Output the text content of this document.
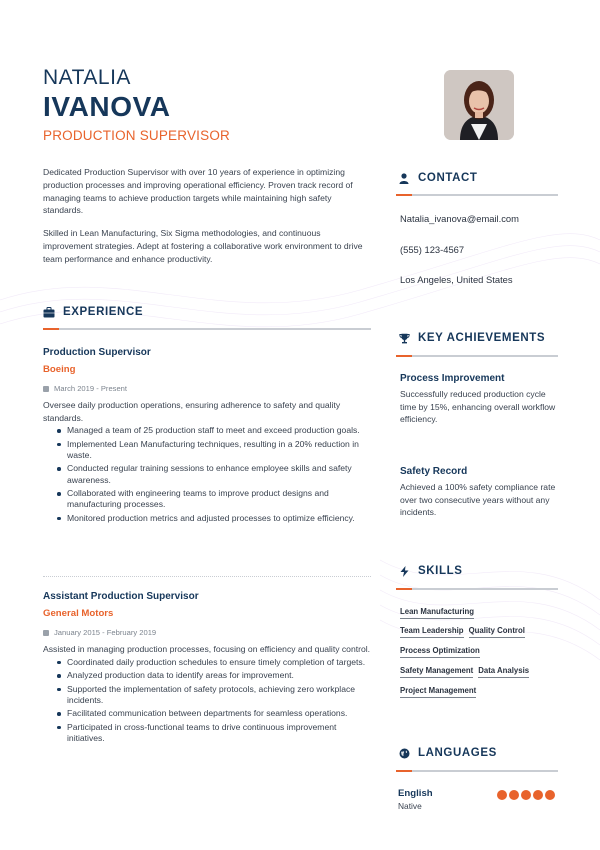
NATALIA
IVANOVA
PRODUCTION SUPERVISOR

Dedicated Production Supervisor with over 10 years of experience in optimizing production processes and improving operational efficiency. Proven track record of managing teams to achieve production targets while maintaining high safety standards.

Skilled in Lean Manufacturing, Six Sigma methodologies, and continuous improvement strategies. Adept at fostering a collaborative work environment to drive team performance and enhance productivity.

EXPERIENCE
Production Supervisor
Boeing
March 2019 - Present
Oversee daily production operations, ensuring adherence to safety and quality standards.
Managed a team of 25 production staff to meet and exceed production goals.
Implemented Lean Manufacturing techniques, resulting in a 20% reduction in waste.
Conducted regular training sessions to enhance employee skills and safety awareness.
Collaborated with engineering teams to improve product designs and manufacturing processes.
Monitored production metrics and adjusted processes to optimize efficiency.
Assistant Production Supervisor
General Motors
January 2015 - February 2019
Assisted in managing production processes, focusing on efficiency and quality control.
Coordinated daily production schedules to ensure timely completion of targets.
Analyzed production data to identify areas for improvement.
Supported the implementation of safety protocols, achieving zero workplace incidents.
Facilitated communication between departments for seamless operations.
Participated in cross-functional teams to drive continuous improvement initiatives.
CONTACT
Natalia_ivanova@email.com
(555) 123-4567
Los Angeles, United States
KEY ACHIEVEMENTS
Process Improvement
Successfully reduced production cycle time by 15%, enhancing overall workflow efficiency.
Safety Record
Achieved a 100% safety compliance rate over two consecutive years without any incidents.
SKILLS
Lean Manufacturing
Team Leadership Quality Control
Process Optimization
Safety Management Data Analysis
Project Management
LANGUAGES
English
Native
